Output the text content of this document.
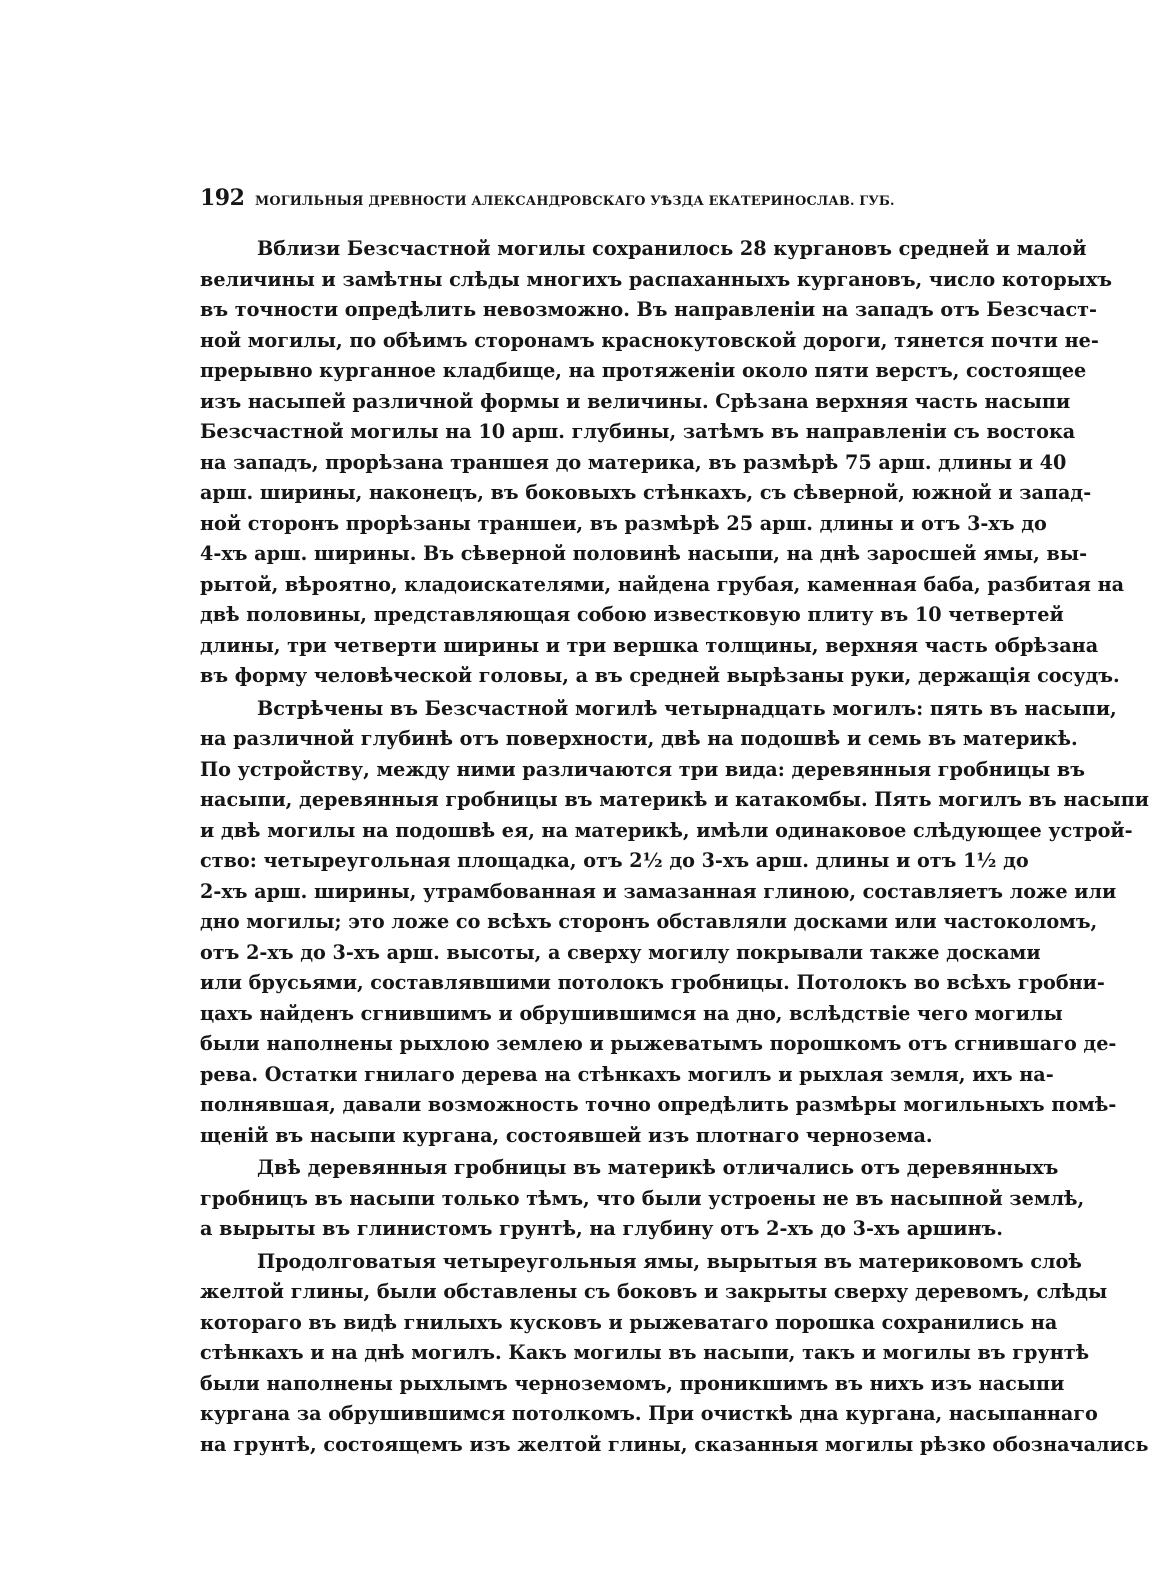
192 МОГИЛЬНЫЯ ДРЕВНОСТИ АЛЕКСАНДРОВСКАГО УѢЗДА ЕКАТЕРИНОСЛАВ. ГУБ.
Вблизи Безсчастной могилы сохранилось 28 кургановъ средней и малой
величины и замѣтны слѣды многихъ распаханныхъ кургановъ, число которыхъ
въ точности опредѣлить невозможно. Въ направленіи на западъ отъ Безсчаст-
ной могилы, по обѣимъ сторонамъ краснокутовской дороги, тянется почти не-
прерывно курганное кладбище, на протяженіи около пяти верстъ, состоящее
изъ насыпей различной формы и величины. Срѣзана верхняя часть насыпи
Безсчастной могилы на 10 арш. глубины, затѣмъ въ направленіи съ востока
на западъ, прорѣзана траншея до материка, въ размѣрѣ 75 арш. длины и 40
арш. ширины, наконецъ, въ боковыхъ стѣнкахъ, съ сѣверной, южной и запад-
ной сторонъ прорѣзаны траншеи, въ размѣрѣ 25 арш. длины и отъ 3-хъ до
4-хъ арш. ширины. Въ сѣверной половинѣ насыпи, на днѣ заросшей ямы, вы-
рытой, вѣроятно, кладоискателями, найдена грубая, каменная баба, разбитая на
двѣ половины, представляющая собою известковую плиту въ 10 четвертей
длины, три четверти ширины и три вершка толщины, верхняя часть обрѣзана
въ форму человѣческой головы, а въ средней вырѣзаны руки, держащія сосудъ.
Встрѣчены въ Безсчастной могилѣ четырнадцать могилъ: пять въ насыпи,
на различной глубинѣ отъ поверхности, двѣ на подошвѣ и семь въ материкѣ.
По устройству, между ними различаются три вида: деревянныя гробницы въ
насыпи, деревянныя гробницы въ материкѣ и катакомбы. Пять могилъ въ насыпи
и двѣ могилы на подошвѣ ея, на материкѣ, имѣли одинаковое слѣдующее устрой-
ство: четыреугольная площадка, отъ 2½ до 3-хъ арш. длины и отъ 1½ до
2-хъ арш. ширины, утрамбованная и замазанная глиною, составляетъ ложе или
дно могилы; это ложе со всѣхъ сторонъ обставляли досками или частоколомъ,
отъ 2-хъ до 3-хъ арш. высоты, а сверху могилу покрывали также досками
или брусьями, составлявшими потолокъ гробницы. Потолокъ во всѣхъ гробни-
цахъ найденъ сгнившимъ и обрушившимся на дно, вслѣдствіе чего могилы
были наполнены рыхлою землею и рыжеватымъ порошкомъ отъ сгнившаго де-
рева. Остатки гнилаго дерева на стѣнкахъ могилъ и рыхлая земля, ихъ на-
полнявшая, давали возможность точно опредѣлить размѣры могильныхъ помѣ-
щеній въ насыпи кургана, состоявшей изъ плотнаго чернозема.
Двѣ деревянныя гробницы въ материкѣ отличались отъ деревянныхъ
гробницъ въ насыпи только тѣмъ, что были устроены не въ насыпной землѣ,
а вырыты въ глинистомъ грунтѣ, на глубину отъ 2-хъ до 3-хъ аршинъ.
Продолговатыя четыреугольныя ямы, вырытыя въ материковомъ слоѣ
желтой глины, были обставлены съ боковъ и закрыты сверху деревомъ, слѣды
котораго въ видѣ гнилыхъ кусковъ и рыжеватаго порошка сохранились на
стѣнкахъ и на днѣ могилъ. Какъ могилы въ насыпи, такъ и могилы въ грунтѣ
были наполнены рыхлымъ черноземомъ, проникшимъ въ нихъ изъ насыпи
кургана за обрушившимся потолкомъ. При очисткѣ дна кургана, насыпаннаго
на грунтѣ, состоящемъ изъ желтой глины, сказанныя могилы рѣзко обозначались
